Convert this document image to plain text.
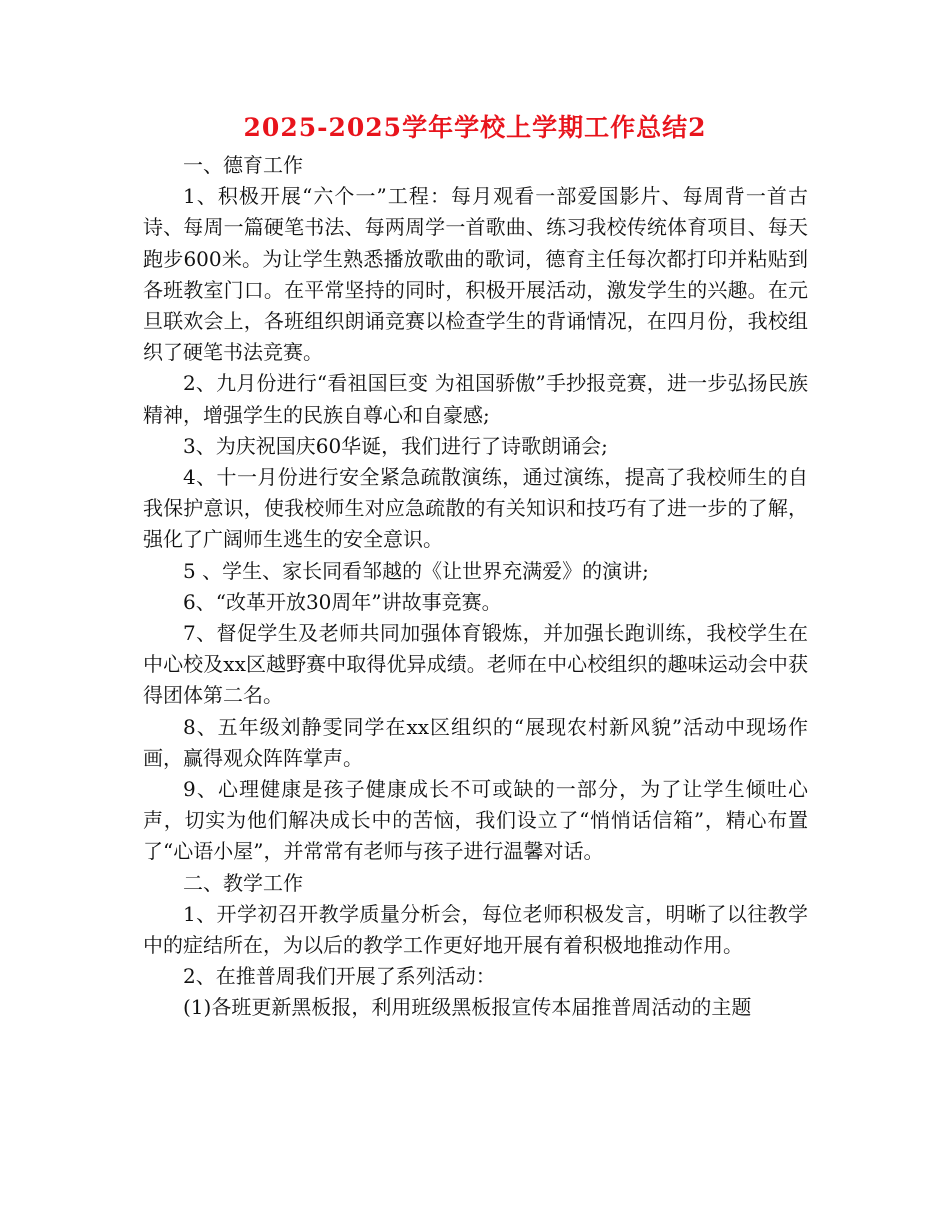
2025-2025学年学校上学期工作总结2

一、德育工作

1、积极开展“六个一”工程：每月观看一部爱国影片、每周背一首古诗、每周一篇硬笔书法、每两周学一首歌曲、练习我校传统体育项目、每天跑步600米。为让学生熟悉播放歌曲的歌词，德育主任每次都打印并粘贴到各班教室门口。在平常坚持的同时，积极开展活动，激发学生的兴趣。在元旦联欢会上，各班组织朗诵竞赛以检查学生的背诵情况，在四月份，我校组织了硬笔书法竞赛。

2、九月份进行“看祖国巨变 为祖国骄傲”手抄报竞赛，进一步弘扬民族精神，增强学生的民族自尊心和自豪感;

3、为庆祝国庆60华诞，我们进行了诗歌朗诵会;

4、十一月份进行安全紧急疏散演练，通过演练，提高了我校师生的自我保护意识，使我校师生对应急疏散的有关知识和技巧有了进一步的了解，强化了广阔师生逃生的安全意识。

5 、学生、家长同看邹越的《让世界充满爱》的演讲;

6、“改革开放30周年”讲故事竞赛。

7、督促学生及老师共同加强体育锻炼，并加强长跑训练，我校学生在中心校及xx区越野赛中取得优异成绩。老师在中心校组织的趣味运动会中获得团体第二名。

8、五年级刘静雯同学在xx区组织的“展现农村新风貌”活动中现场作画，赢得观众阵阵掌声。

9、心理健康是孩子健康成长不可或缺的一部分，为了让学生倾吐心声，切实为他们解决成长中的苦恼，我们设立了“悄悄话信箱”，精心布置了“心语小屋”，并常常有老师与孩子进行温馨对话。

二、教学工作

1、开学初召开教学质量分析会，每位老师积极发言，明晰了以往教学中的症结所在，为以后的教学工作更好地开展有着积极地推动作用。

2、在推普周我们开展了系列活动：

(1)各班更新黑板报，利用班级黑板报宣传本届推普周活动的主题
